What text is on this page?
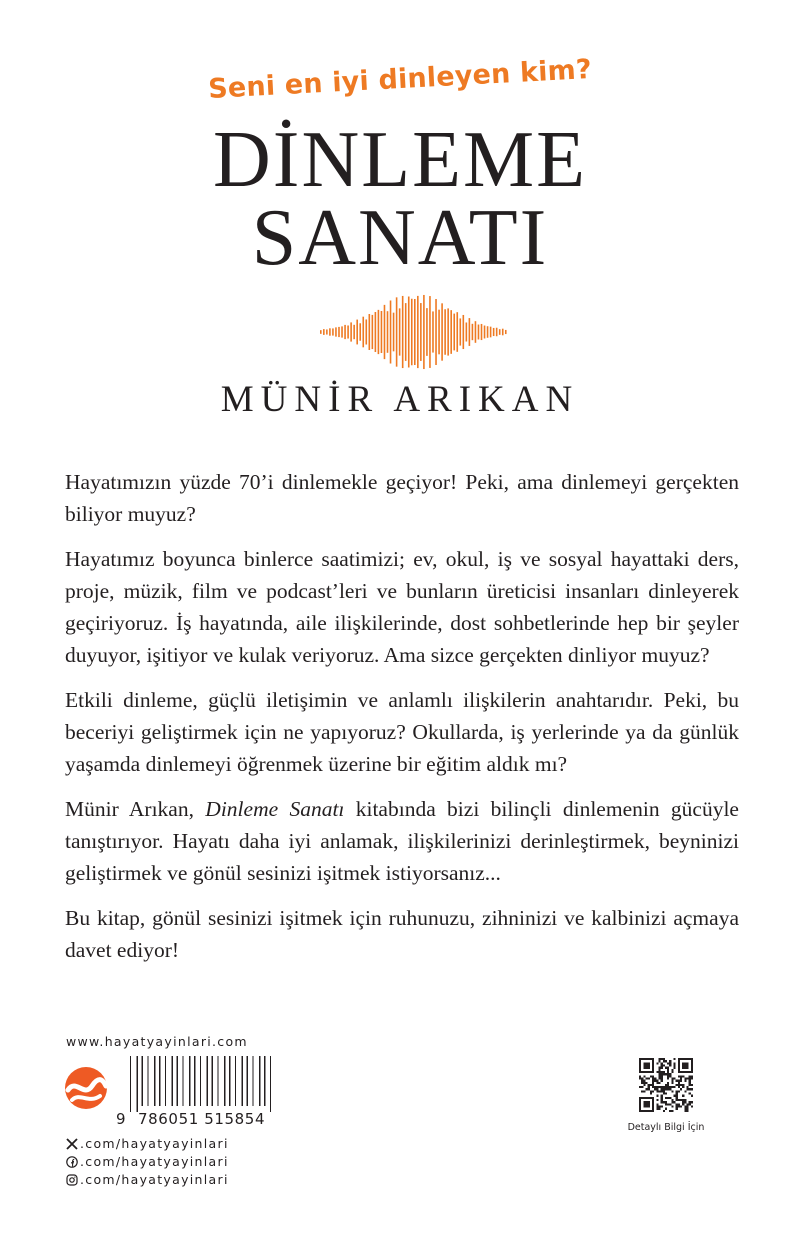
Seni en iyi dinleyen kim?
DİNLEME
SANATI
MÜNİR ARIKAN

Hayatımızın yüzde 70’i dinlemekle geçiyor! Peki, ama dinlemeyi gerçekten biliyor muyuz?

Hayatımız boyunca binlerce saatimizi; ev, okul, iş ve sosyal hayattaki ders, proje, müzik, film ve podcast’leri ve bunların üreticisi insanları dinleyerek geçiriyoruz. İş hayatında, aile ilişkilerinde, dost sohbetlerinde hep bir şeyler duyuyor, işitiyor ve kulak veriyoruz. Ama sizce gerçekten dinliyor muyuz?

Etkili dinleme, güçlü iletişimin ve anlamlı ilişkilerin anahtarıdır. Peki, bu beceriyi geliştirmek için ne yapıyoruz? Okullarda, iş yerlerinde ya da günlük yaşamda dinlemeyi öğrenmek üzerine bir eğitim aldık mı?

Münir Arıkan, Dinleme Sanatı kitabında bizi bilinçli dinlemenin gücüyle tanıştırıyor. Hayatı daha iyi anlamak, ilişkilerinizi derinleştirmek, beyninizi geliştirmek ve gönül sesinizi işitmek istiyorsanız...

Bu kitap, gönül sesinizi işitmek için ruhunuzu, zihninizi ve kalbinizi açmaya davet ediyor!

www.hayatyayinlari.com
9 786051 515854
.com/hayatyayinlari
.com/hayatyayinlari
.com/hayatyayinlari
Detaylı Bilgi İçin
